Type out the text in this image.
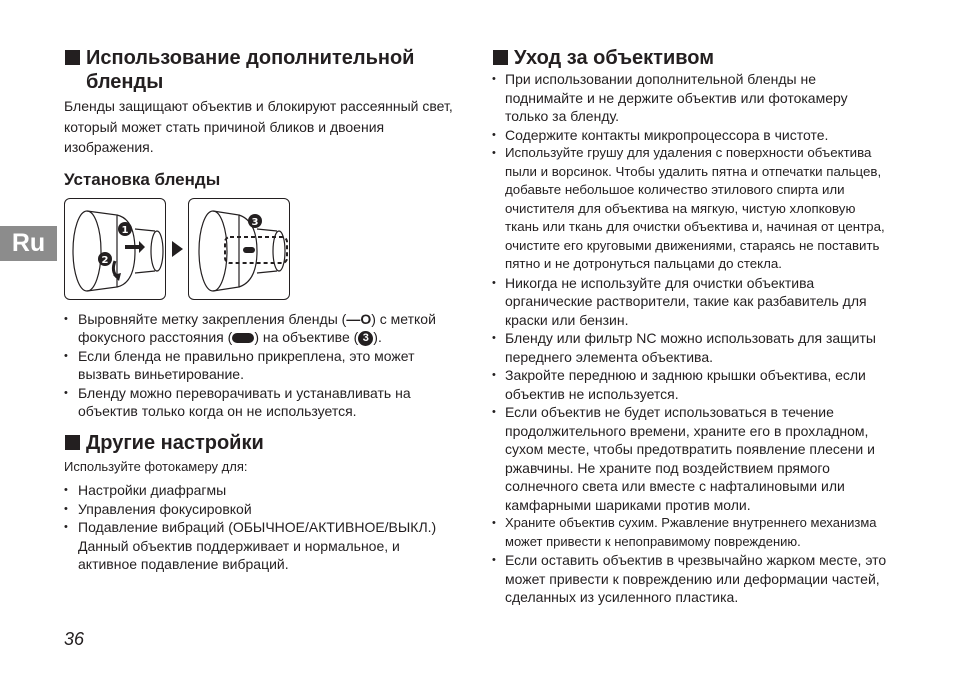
Ru
Использование дополнительной бленды

Бленды защищают объектив и блокируют рассеянный свет, который может стать причиной бликов и двоения изображения.

Установка бленды
1
2
3
• Выровняйте метку закрепления бленды (—O) с меткой фокусного расстояния ( ) на объективе ( 3 ).
• Если бленда не правильно прикреплена, это может вызвать виньетирование.
• Бленду можно переворачивать и устанавливать на объектив только когда он не используется.
Другие настройки

Используйте фотокамеру для:

• Настройки диафрагмы
• Управления фокусировкой
• Подавление вибраций (ОБЫЧНОЕ/АКТИВНОЕ/ВЫКЛ.) Данный объектив поддерживает и нормальное, и активное подавление вибраций.
Уход за объективом
• При использовании дополнительной бленды не поднимайте и не держите объектив или фотокамеру только за бленду.
• Содержите контакты микропроцессора в чистоте.
• Используйте грушу для удаления с поверхности объектива пыли и ворсинок. Чтобы удалить пятна и отпечатки пальцев, добавьте небольшое количество этилового спирта или очистителя для объектива на мягкую, чистую хлопковую ткань или ткань для очистки объектива и, начиная от центра, очистите его круговыми движениями, стараясь не поставить пятно и не дотронуться пальцами до стекла.
• Никогда не используйте для очистки объектива органические растворители, такие как разбавитель для краски или бензин.
• Бленду или фильтр NC можно использовать для защиты переднего элемента объектива.
• Закройте переднюю и заднюю крышки объектива, если объектив не используется.
• Если объектив не будет использоваться в течение продолжительного времени, храните его в прохладном, сухом месте, чтобы предотвратить появление плесени и ржавчины. Не храните под воздействием прямого солнечного света или вместе с нафталиновыми или камфарными шариками против моли.
• Храните объектив сухим. Ржавление внутреннего механизма может привести к непоправимому повреждению.
• Если оставить объектив в чрезвычайно жарком месте, это может привести к повреждению или деформации частей, сделанных из усиленного пластика.
36
